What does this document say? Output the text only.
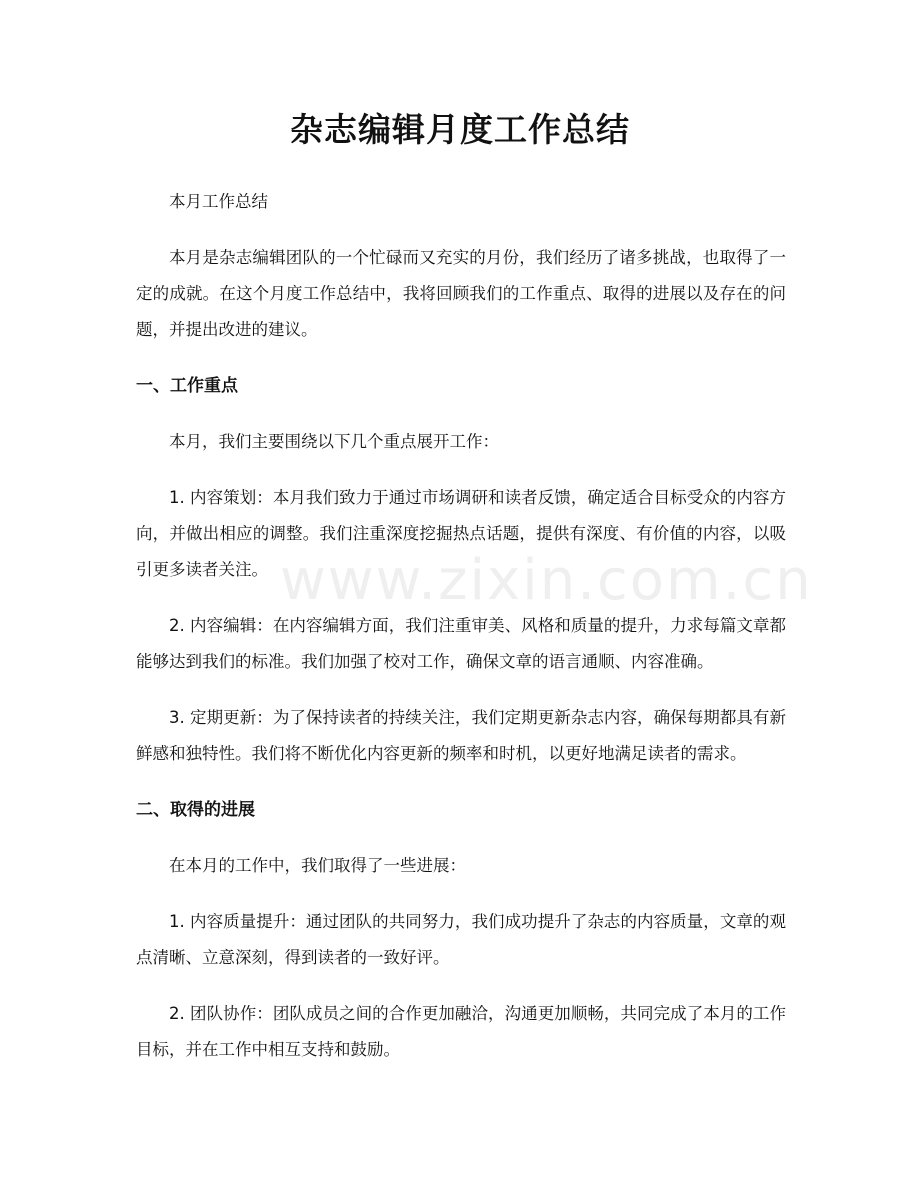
杂志编辑月度工作总结

本月工作总结

本月是杂志编辑团队的一个忙碌而又充实的月份，我们经历了诸多挑战，也取得了一定的成就。在这个月度工作总结中，我将回顾我们的工作重点、取得的进展以及存在的问题，并提出改进的建议。

一、工作重点

本月，我们主要围绕以下几个重点展开工作：

1. 内容策划：本月我们致力于通过市场调研和读者反馈，确定适合目标受众的内容方向，并做出相应的调整。我们注重深度挖掘热点话题，提供有深度、有价值的内容，以吸引更多读者关注。

2. 内容编辑：在内容编辑方面，我们注重审美、风格和质量的提升，力求每篇文章都能够达到我们的标准。我们加强了校对工作，确保文章的语言通顺、内容准确。

3. 定期更新：为了保持读者的持续关注，我们定期更新杂志内容，确保每期都具有新鲜感和独特性。我们将不断优化内容更新的频率和时机，以更好地满足读者的需求。

二、取得的进展

在本月的工作中，我们取得了一些进展：

1. 内容质量提升：通过团队的共同努力，我们成功提升了杂志的内容质量，文章的观点清晰、立意深刻，得到读者的一致好评。

2. 团队协作：团队成员之间的合作更加融洽，沟通更加顺畅，共同完成了本月的工作目标，并在工作中相互支持和鼓励。

www.zixin.com.cn
